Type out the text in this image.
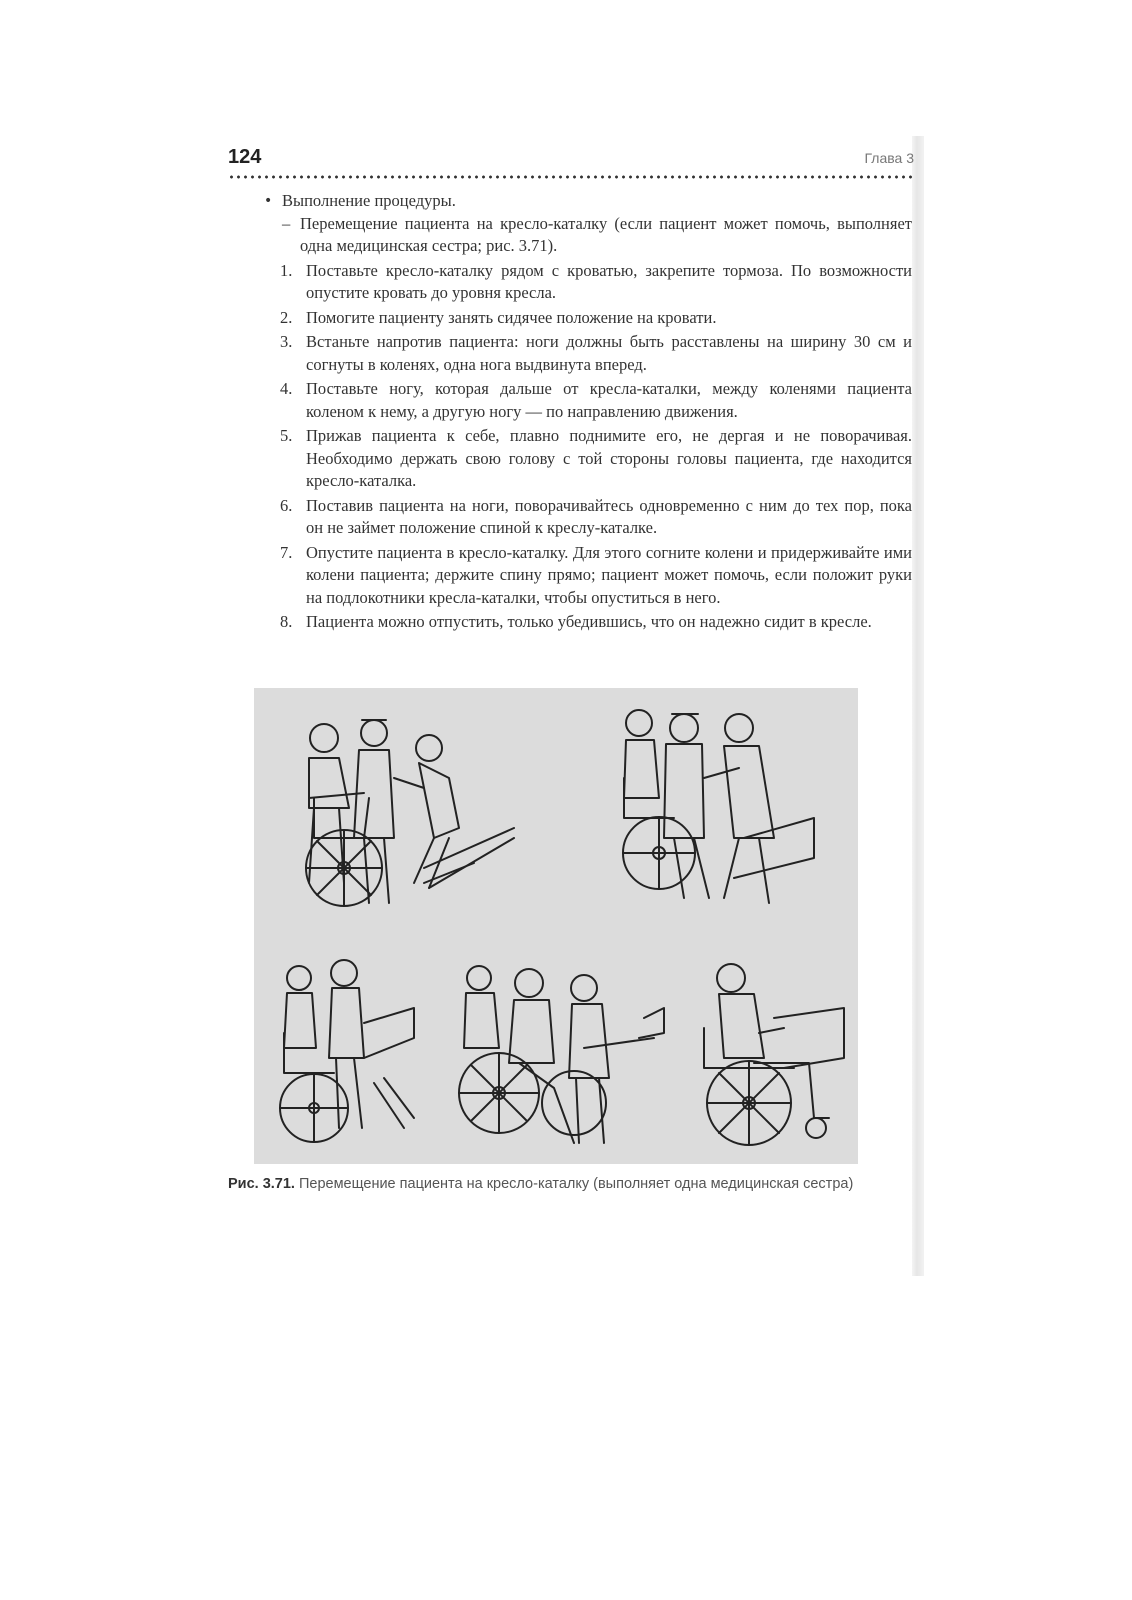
124	Глава 3
• Выполнение процедуры.
– Перемещение пациента на кресло-каталку (если пациент может помочь, выполняет одна медицинская сестра; рис. 3.71).
1. Поставьте кресло-каталку рядом с кроватью, закрепите тормоза. По возможности опустите кровать до уровня кресла.
2. Помогите пациенту занять сидячее положение на кровати.
3. Встаньте напротив пациента: ноги должны быть расставлены на ширину 30 см и согнуты в коленях, одна нога выдвинута вперед.
4. Поставьте ногу, которая дальше от кресла-каталки, между коленями пациента коленом к нему, а другую ногу — по направлению движения.
5. Прижав пациента к себе, плавно поднимите его, не дергая и не поворачивая. Необходимо держать свою голову с той стороны головы пациента, где находится кресло-каталка.
6. Поставив пациента на ноги, поворачивайтесь одновременно с ним до тех пор, пока он не займет положение спиной к креслу-каталке.
7. Опустите пациента в кресло-каталку. Для этого согните колени и придерживайте ими колени пациента; держите спину прямо; пациент может помочь, если положит руки на подлокотники кресла-каталки, чтобы опуститься в него.
8. Пациента можно отпустить, только убедившись, что он надежно сидит в кресле.
Рис. 3.71. Перемещение пациента на кресло-каталку (выполняет одна медицинская сестра)
